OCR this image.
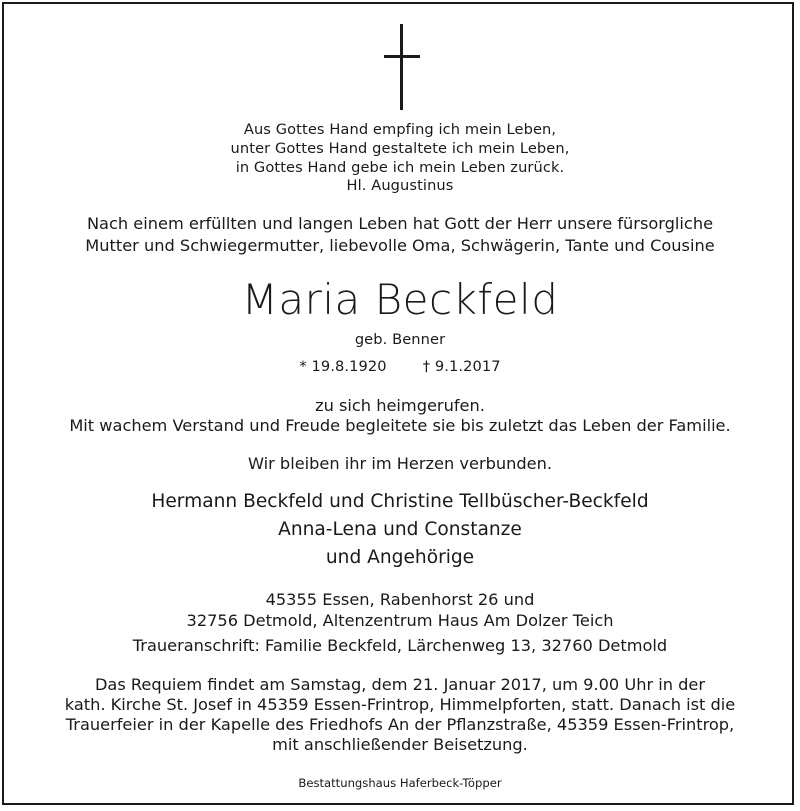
Aus Gottes Hand empfing ich mein Leben,
unter Gottes Hand gestaltete ich mein Leben,
in Gottes Hand gebe ich mein Leben zurück.
Hl. Augustinus
Nach einem erfüllten und langen Leben hat Gott der Herr unsere fürsorgliche
Mutter und Schwiegermutter, liebevolle Oma, Schwägerin, Tante und Cousine
Maria Beckfeld
geb. Benner
* 19.8.1920 † 9.1.2017
zu sich heimgerufen.
Mit wachem Verstand und Freude begleitete sie bis zuletzt das Leben der Familie.
Wir bleiben ihr im Herzen verbunden.
Hermann Beckfeld und Christine Tellbüscher-Beckfeld
Anna-Lena und Constanze
und Angehörige
45355 Essen, Rabenhorst 26 und
32756 Detmold, Altenzentrum Haus Am Dolzer Teich
Traueranschrift: Familie Beckfeld, Lärchenweg 13, 32760 Detmold
Das Requiem findet am Samstag, dem 21. Januar 2017, um 9.00 Uhr in der
kath. Kirche St. Josef in 45359 Essen-Frintrop, Himmelpforten, statt. Danach ist die
Trauerfeier in der Kapelle des Friedhofs An der Pflanzstraße, 45359 Essen-Frintrop,
mit anschließender Beisetzung.
Bestattungshaus Haferbeck-Töpper
